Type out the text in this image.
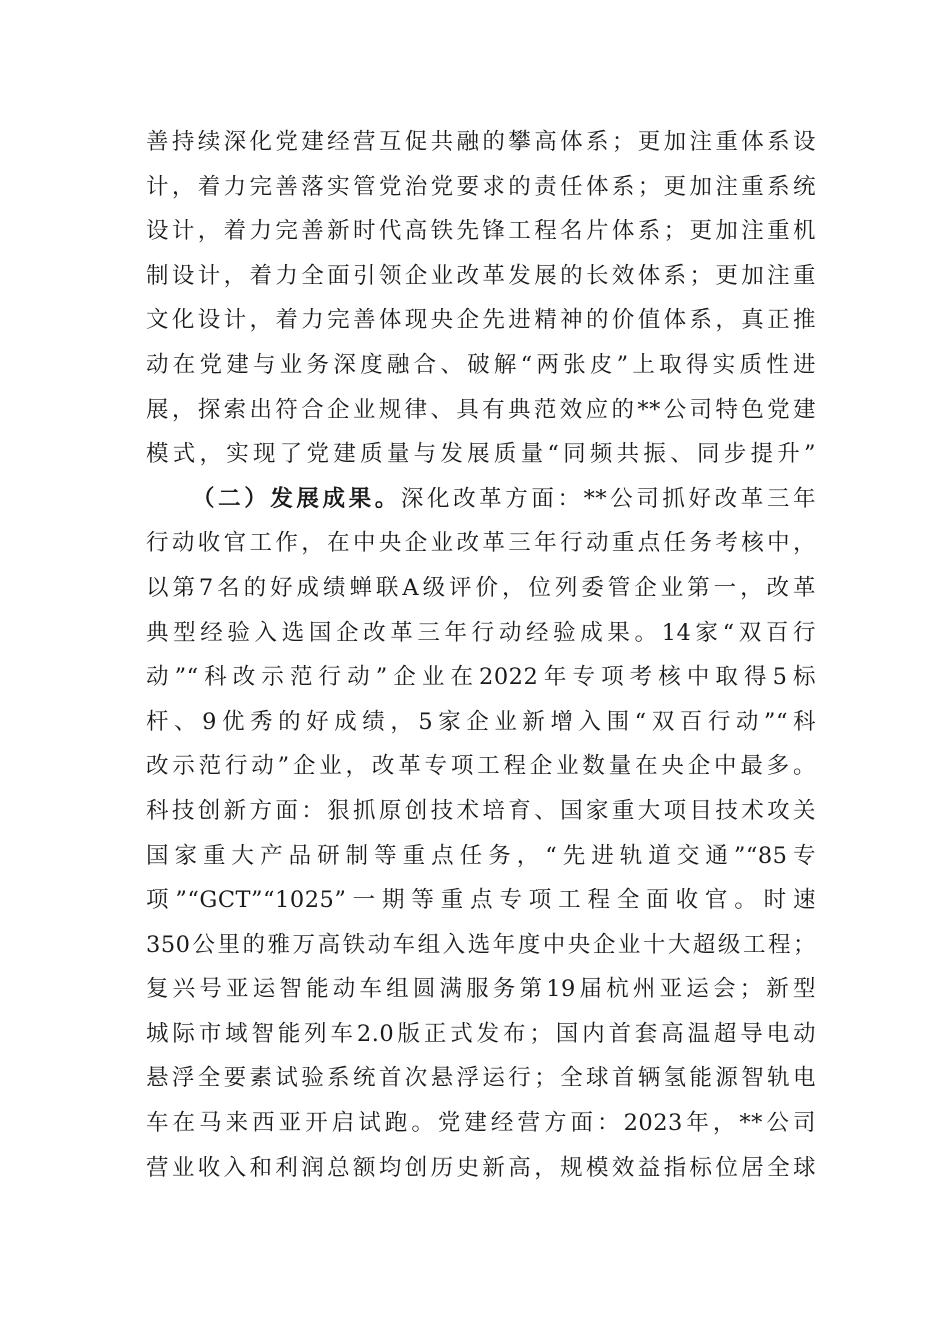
善持续深化党建经营互促共融的攀高体系；更加注重体系设
计，着力完善落实管党治党要求的责任体系；更加注重系统
设计，着力完善新时代高铁先锋工程名片体系；更加注重机
制设计，着力全面引领企业改革发展的长效体系；更加注重
文化设计，着力完善体现央企先进精神的价值体系，真正推
动在党建与业务深度融合、破解“两张皮”上取得实质性进
展，探索出符合企业规律、具有典范效应的**公司特色党建
模式，实现了党建质量与发展质量“同频共振、同步提升”
（二）发展成果。深化改革方面：**公司抓好改革三年
行动收官工作，在中央企业改革三年行动重点任务考核中，
以第7名的好成绩蝉联A级评价，位列委管企业第一，改革
典型经验入选国企改革三年行动经验成果。14家“双百行
动”“科改示范行动”企业在2022年专项考核中取得5标
杆、9优秀的好成绩，5家企业新增入围“双百行动”“科
改示范行动”企业，改革专项工程企业数量在央企中最多。
科技创新方面：狠抓原创技术培育、国家重大项目技术攻关
国家重大产品研制等重点任务，“先进轨道交通”“85专
项”“GCT”“1025”一期等重点专项工程全面收官。时速
350公里的雅万高铁动车组入选年度中央企业十大超级工程；
复兴号亚运智能动车组圆满服务第19届杭州亚运会；新型
城际市域智能列车2.0版正式发布；国内首套高温超导电动
悬浮全要素试验系统首次悬浮运行；全球首辆氢能源智轨电
车在马来西亚开启试跑。党建经营方面：2023年，**公司
营业收入和利润总额均创历史新高，规模效益指标位居全球
